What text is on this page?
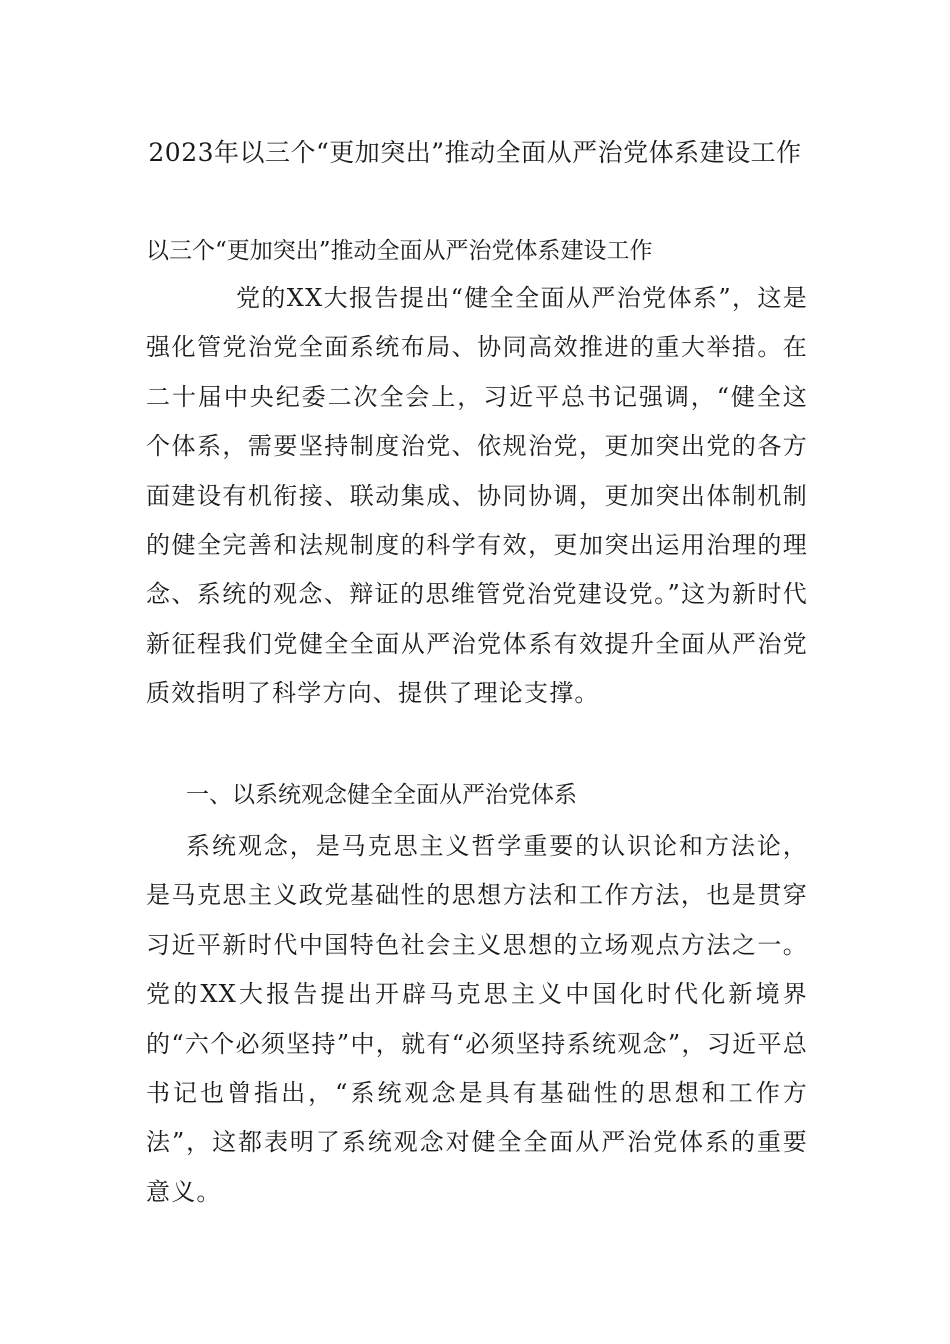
2023年以三个“更加突出”推动全面从严治党体系建设工作
以三个“更加突出”推动全面从严治党体系建设工作

党的XX大报告提出“健全全面从严治党体系”，这是强化管党治党全面系统布局、协同高效推进的重大举措。在二十届中央纪委二次全会上，习近平总书记强调，“健全这个体系，需要坚持制度治党、依规治党，更加突出党的各方面建设有机衔接、联动集成、协同协调，更加突出体制机制的健全完善和法规制度的科学有效，更加突出运用治理的理念、系统的观念、辩证的思维管党治党建设党。”这为新时代新征程我们党健全全面从严治党体系有效提升全面从严治党质效指明了科学方向、提供了理论支撑。

一、以系统观念健全全面从严治党体系

系统观念，是马克思主义哲学重要的认识论和方法论，是马克思主义政党基础性的思想方法和工作方法，也是贯穿习近平新时代中国特色社会主义思想的立场观点方法之一。党的XX大报告提出开辟马克思主义中国化时代化新境界的“六个必须坚持”中，就有“必须坚持系统观念”，习近平总书记也曾指出，“系统观念是具有基础性的思想和工作方法”，这都表明了系统观念对健全全面从严治党体系的重要意义。
